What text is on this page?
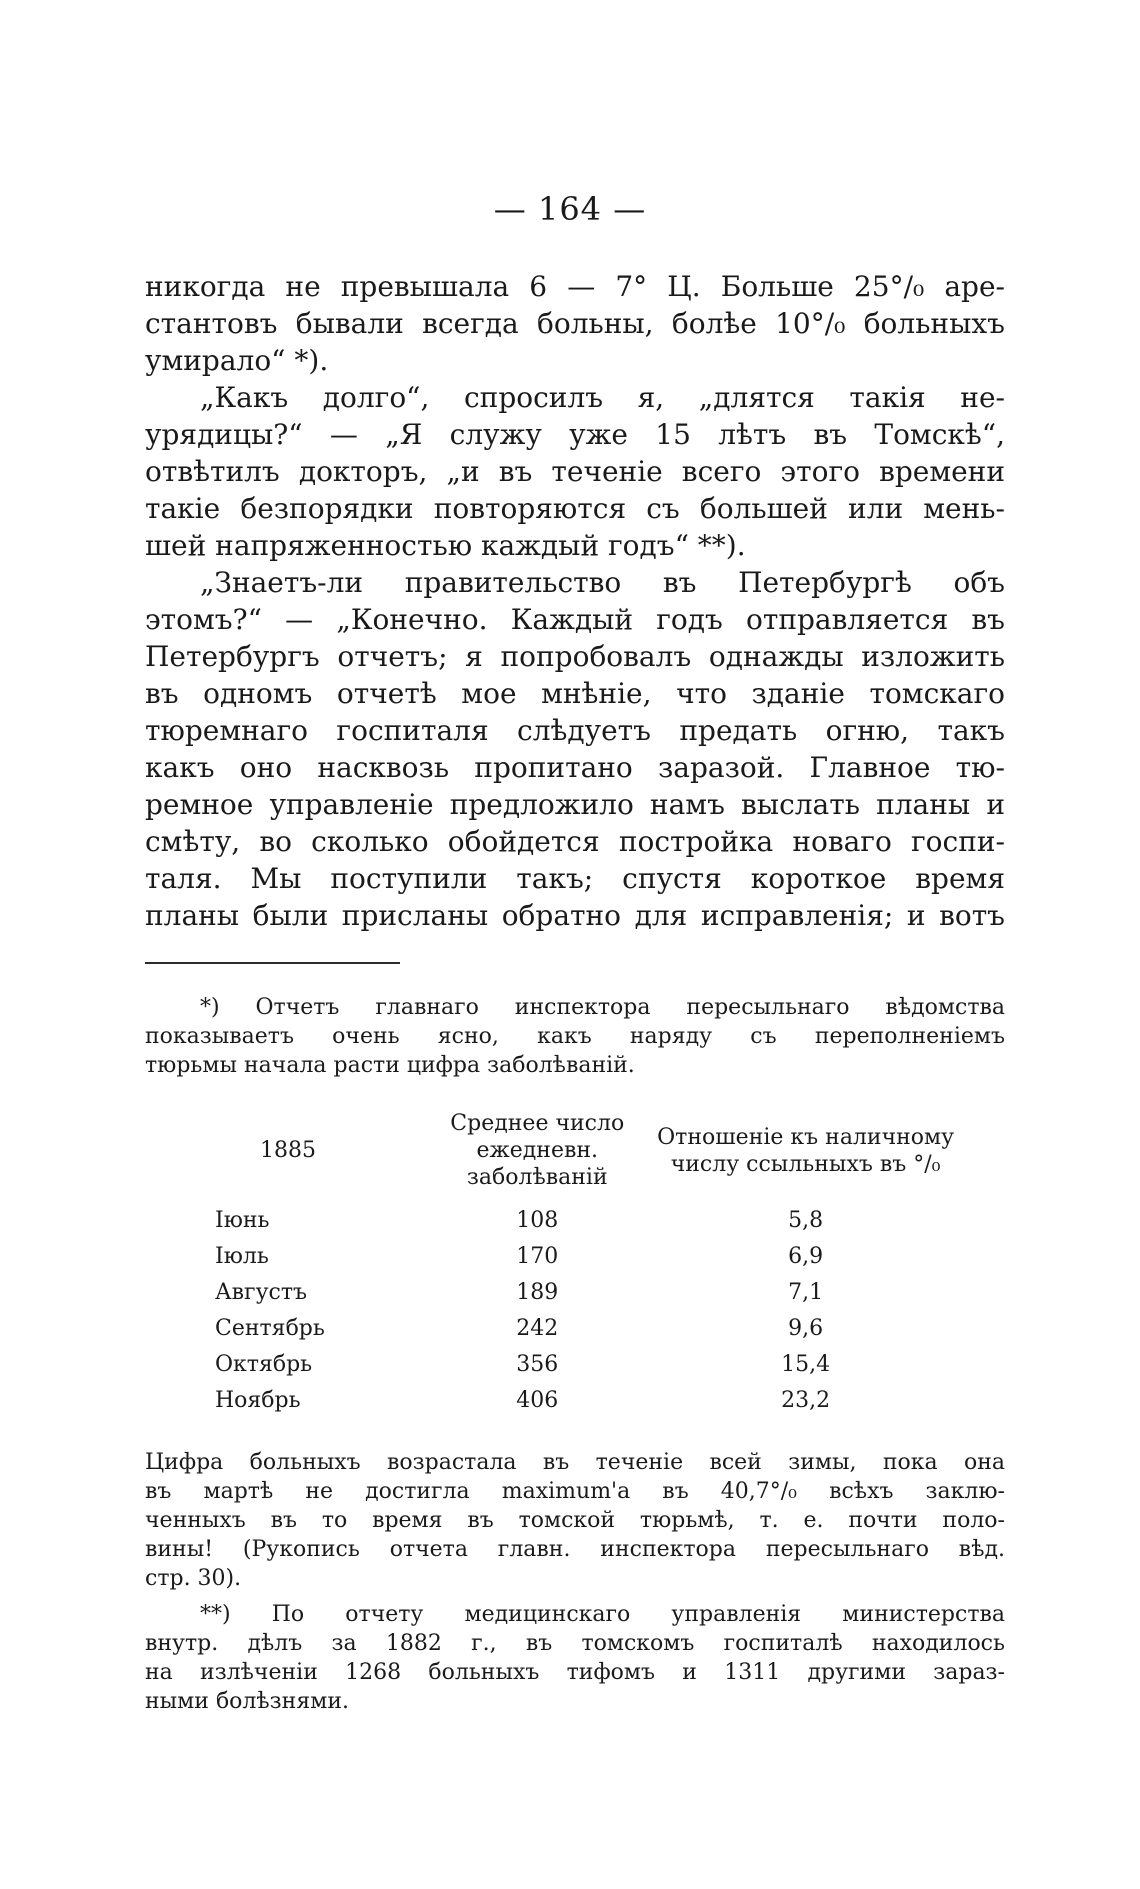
— 164 —
никогда не превышала 6 — 7° Ц. Больше 25°/₀ аре-
стантовъ бывали всегда больны, болѣе 10°/₀ больныхъ
умирало“ *).
„Какъ долго“, спросилъ я, „длятся такія не-
урядицы?“ — „Я служу уже 15 лѣтъ въ Томскѣ“,
отвѣтилъ докторъ, „и въ теченіе всего этого времени
такіе безпорядки повторяются съ большей или мень-
шей напряженностью каждый годъ“ **).
„Знаетъ-ли правительство въ Петербургѣ объ
этомъ?“ — „Конечно. Каждый годъ отправляется въ
Петербургъ отчетъ; я попробовалъ однажды изложить
въ одномъ отчетѣ мое мнѣніе, что зданіе томскаго
тюремнаго госпиталя слѣдуетъ предать огню, такъ
какъ оно насквозь пропитано заразой. Главное тю-
ремное управленіе предложило намъ выслать планы и
смѣту, во сколько обойдется постройка новаго госпи-
таля. Мы поступили такъ; спустя короткое время
планы были присланы обратно для исправленія; и вотъ
*) Отчетъ главнаго инспектора пересыльнаго вѣдомства
показываетъ очень ясно, какъ наряду съ переполненіемъ
тюрьмы начала расти цифра заболѣваній.
1885	Среднее число ежедневн. заболѣваній	Отношеніе къ наличному числу ссыльныхъ въ °/₀
Іюнь	108	5,8
Іюль	170	6,9
Августъ	189	7,1
Сентябрь	242	9,6
Октябрь	356	15,4
Ноябрь	406	23,2
Цифра больныхъ возрастала въ теченіе всей зимы, пока она
въ мартѣ не достигла maximum'а въ 40,7°/₀ всѣхъ заклю-
ченныхъ въ то время въ томской тюрьмѣ, т. е. почти поло-
вины! (Рукопись отчета главн. инспектора пересыльнаго вѣд.
стр. 30).
**) По отчету медицинскаго управленія министерства
внутр. дѣлъ за 1882 г., въ томскомъ госпиталѣ находилось
на излѣченіи 1268 больныхъ тифомъ и 1311 другими зараз-
ными болѣзнями.
